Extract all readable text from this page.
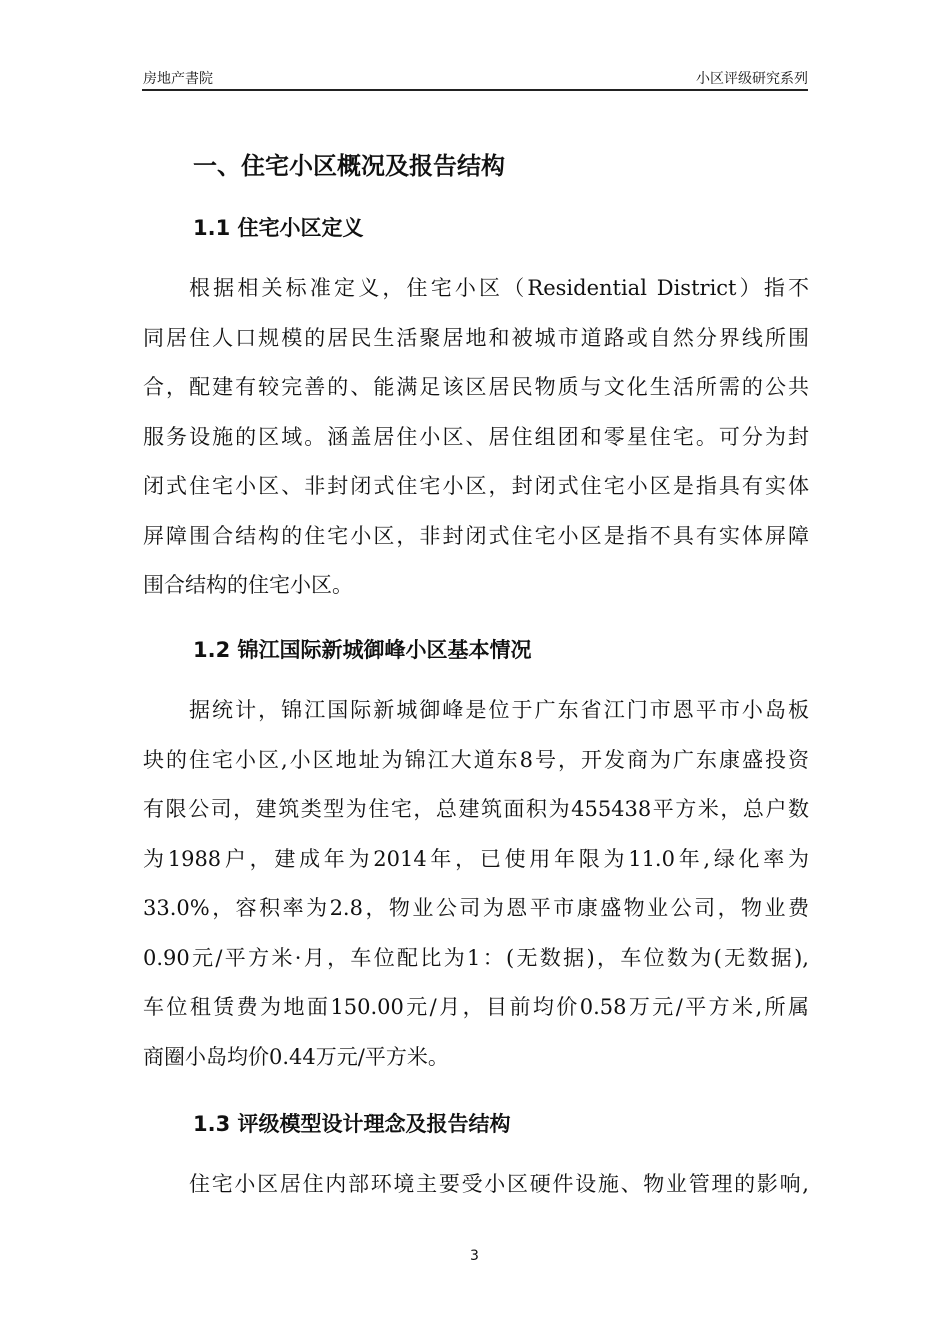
房地产書院	小区评级研究系列
一、住宅小区概况及报告结构
1.1 住宅小区定义
根据相关标准定义，住宅小区（Residential District）指不
同居住人口规模的居民生活聚居地和被城市道路或自然分界线所围
合，配建有较完善的、能满足该区居民物质与文化生活所需的公共
服务设施的区域。涵盖居住小区、居住组团和零星住宅。可分为封
闭式住宅小区、非封闭式住宅小区，封闭式住宅小区是指具有实体
屏障围合结构的住宅小区，非封闭式住宅小区是指不具有实体屏障
围合结构的住宅小区。
1.2 锦江国际新城御峰小区基本情况
据统计，锦江国际新城御峰是位于广东省江门市恩平市小岛板
块的住宅小区,小区地址为锦江大道东8号，开发商为广东康盛投资
有限公司，建筑类型为住宅，总建筑面积为455438平方米，总户数
为1988户，建成年为2014年，已使用年限为11.0年,绿化率为
33.0%，容积率为2.8，物业公司为恩平市康盛物业公司，物业费
0.90元/平方米·月，车位配比为1：(无数据)，车位数为(无数据),
车位租赁费为地面150.00元/月，目前均价0.58万元/平方米,所属
商圈小岛均价0.44万元/平方米。
1.3 评级模型设计理念及报告结构
住宅小区居住内部环境主要受小区硬件设施、物业管理的影响,
3
